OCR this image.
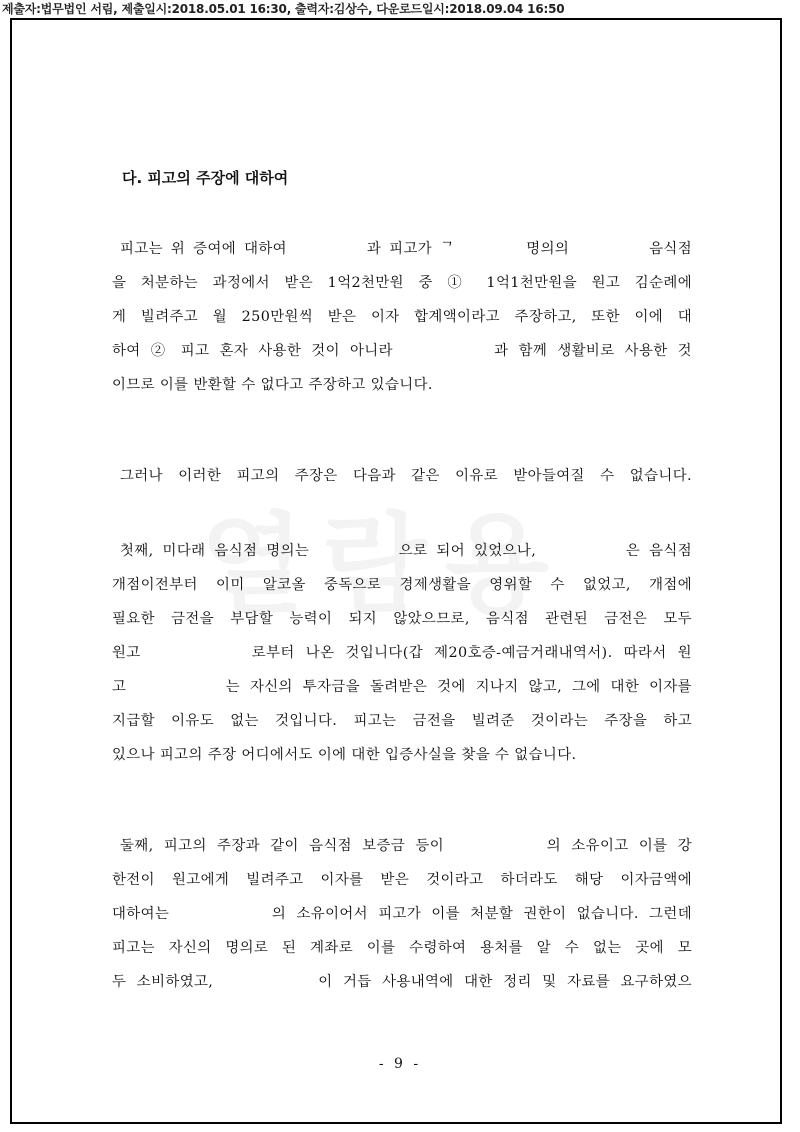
제출자:법무법인 서림, 제출일시:2018.05.01 16:30, 출력자:김상수, 다운로드일시:2018.09.04 16:50
다. 피고의 주장에 대하여
피고는 위 증여에 대하여          과 피고가 ᄀ         명의의          음식점
을 처분하는 과정에서 받은 1억2천만원 중 ① 1억1천만원을 원고 김순례에
게 빌려주고 월 250만원씩 받은 이자 합계액이라고 주장하고, 또한 이에 대
하여 ② 피고 혼자 사용한 것이 아니라          과 함께 생활비로 사용한 것
이므로 이를 반환할 수 없다고 주장하고 있습니다.
그러나 이러한 피고의 주장은 다음과 같은 이유로 받아들여질 수 없습니다.
첫째, 미다래 음식점 명의는          으로 되어 있었으나,          은 음식점
개점이전부터 이미 알코올 중독으로 경제생활을 영위할 수 없었고, 개점에
필요한 금전을 부담할 능력이 되지 않았으므로, 음식점 관련된 금전은 모두
원고          로부터 나온 것입니다(갑 제20호증-예금거래내역서). 따라서 원
고          는 자신의 투자금을 돌려받은 것에 지나지 않고, 그에 대한 이자를
지급할 이유도 없는 것입니다. 피고는 금전을 빌려준 것이라는 주장을 하고
있으나 피고의 주장 어디에서도 이에 대한 입증사실을 찾을 수 없습니다.
둘째, 피고의 주장과 같이 음식점 보증금 등이          의 소유이고 이를 강
한전이 원고에게 빌려주고 이자를 받은 것이라고 하더라도 해당 이자금액에
대하여는          의 소유이어서 피고가 이를 처분할 권한이 없습니다. 그런데
피고는 자신의 명의로 된 계좌로 이를 수령하여 용처를 알 수 없는 곳에 모
두 소비하였고,          이 거듭 사용내역에 대한 정리 및 자료를 요구하였으
- 9 -
